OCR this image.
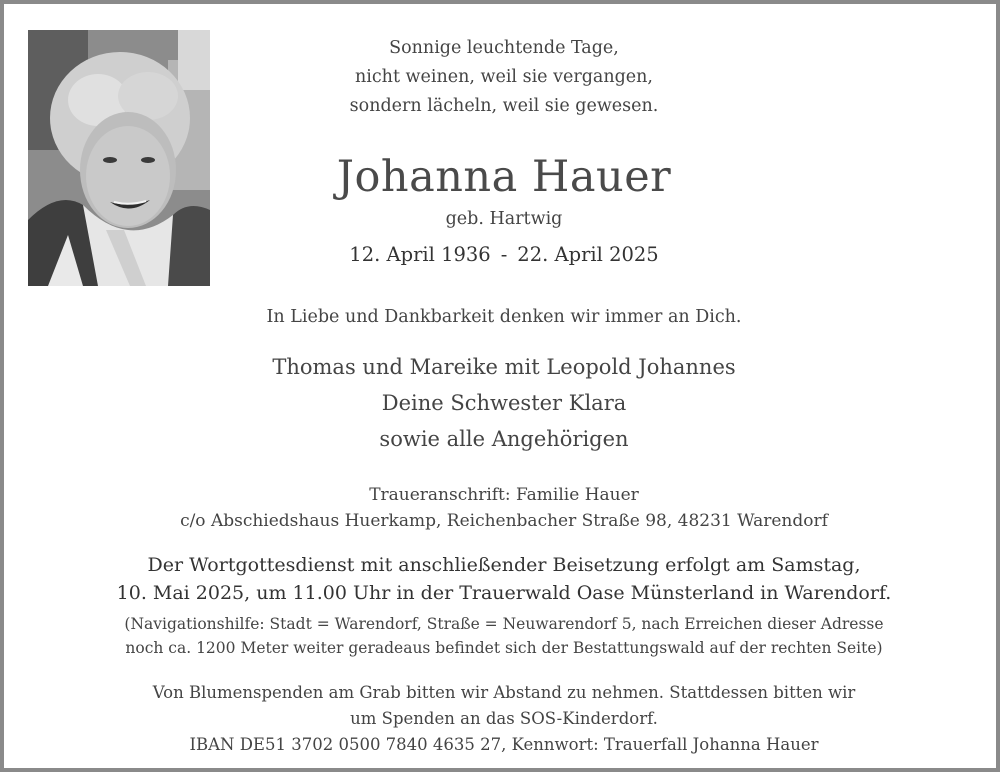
Sonnige leuchtende Tage,
nicht weinen, weil sie vergangen,
sondern lächeln, weil sie gewesen.
Johanna Hauer
geb. Hartwig
12. April 1936 - 22. April 2025
In Liebe und Dankbarkeit denken wir immer an Dich.
Thomas und Mareike mit Leopold Johannes
Deine Schwester Klara
sowie alle Angehörigen
Traueranschrift: Familie Hauer
c/o Abschiedshaus Huerkamp, Reichenbacher Straße 98, 48231 Warendorf
Der Wortgottesdienst mit anschließender Beisetzung erfolgt am Samstag,
10. Mai 2025, um 11.00 Uhr in der Trauerwald Oase Münsterland in Warendorf.
(Navigationshilfe: Stadt = Warendorf, Straße = Neuwarendorf 5, nach Erreichen dieser Adresse
noch ca. 1200 Meter weiter geradeaus befindet sich der Bestattungswald auf der rechten Seite)
Von Blumenspenden am Grab bitten wir Abstand zu nehmen. Stattdessen bitten wir
um Spenden an das SOS-Kinderdorf.
IBAN DE51 3702 0500 7840 4635 27, Kennwort: Trauerfall Johanna Hauer
